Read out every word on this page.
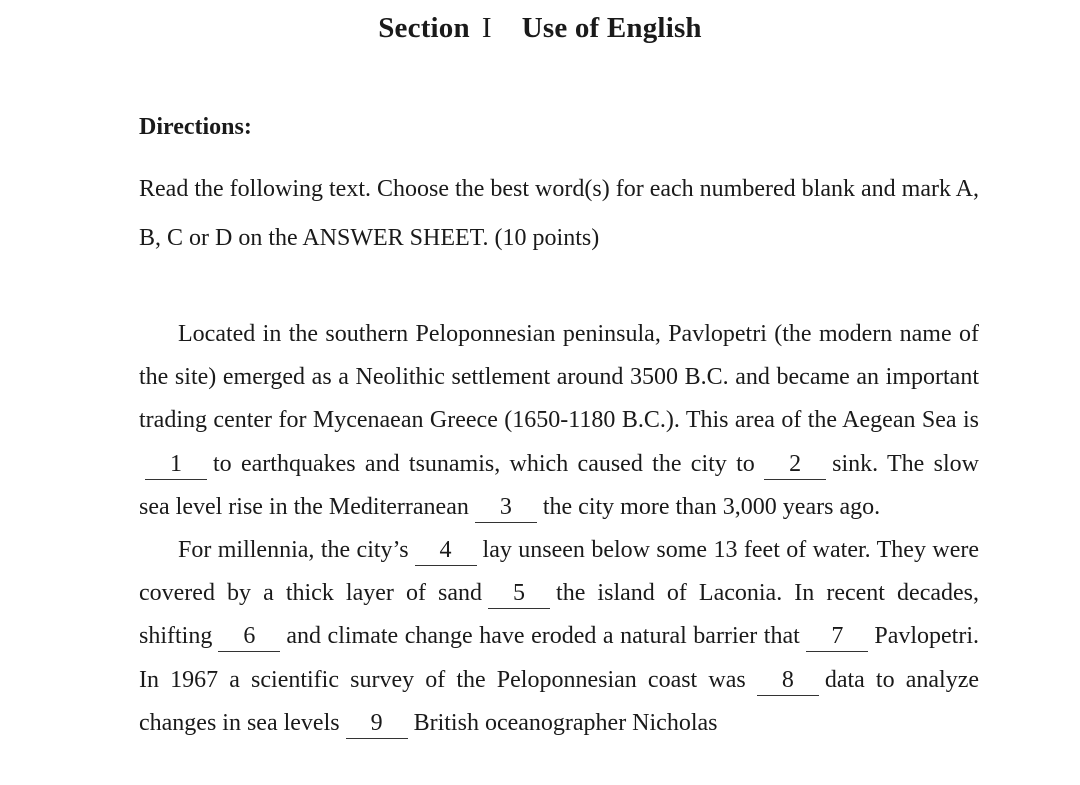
Section I Use of English
Directions:
Read the following text. Choose the best word(s) for each numbered blank and mark A, B, C or D on the ANSWER SHEET. (10 points)

Located in the southern Peloponnesian peninsula, Pavlopetri (the modern name of the site) emerged as a Neolithic settlement around 3500 B.C. and became an important trading center for Mycenaean Greece (1650-1180 B.C.). This area of the Aegean Sea is1 to earthquakes and tsunamis, which caused the city to 2 sink. The slow sea level rise in the Mediterranean 3 the city more than 3,000 years ago.

For millennia, the city’s 4 lay unseen below some 13 feet of water. They were covered by a thick layer of sand 5 the island of Laconia. In recent decades, shifting 6 and climate change have eroded a natural barrier that 7 Pavlopetri. In 1967 a scientific survey of the Peloponnesian coast was 8 data to analyze changes in sea levels 9 British oceanographer Nicholas
